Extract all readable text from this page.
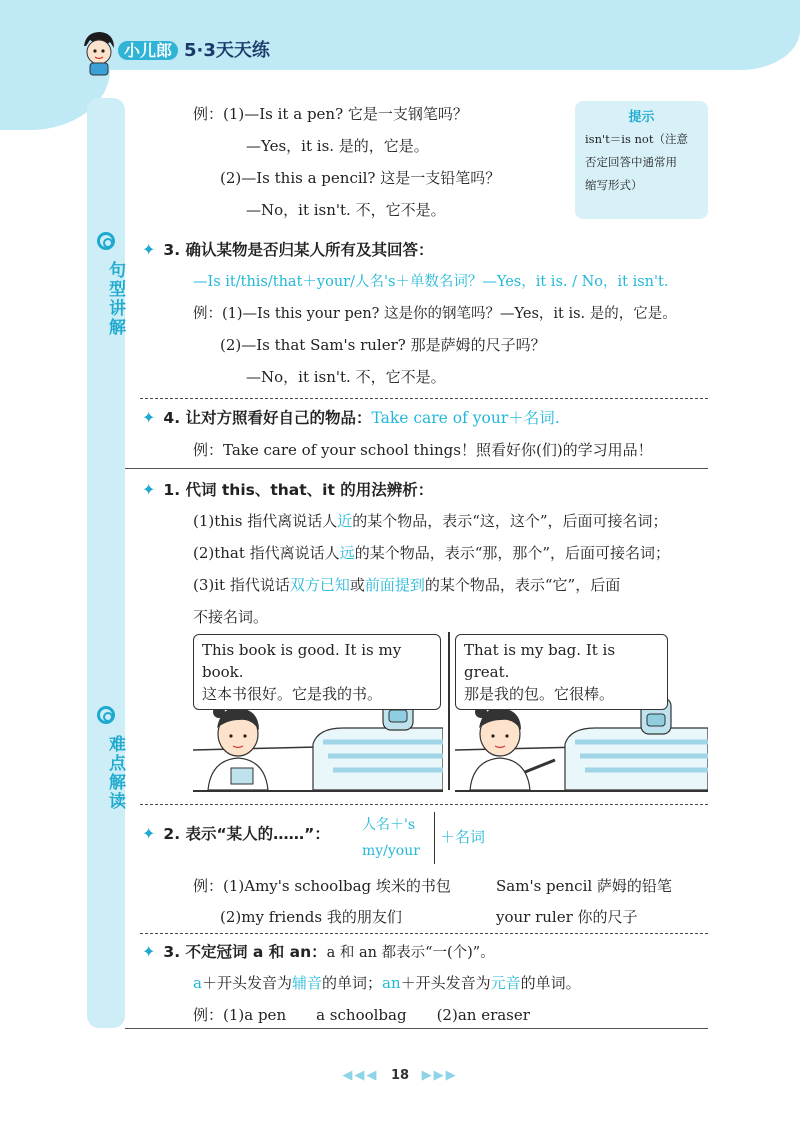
小儿郎 5·3天天练
句型讲解
难点解读
提示
isn't＝is not（注意
否定回答中通常用
缩写形式）
例：(1)—Is it a pen? 它是一支钢笔吗？
—Yes，it is. 是的，它是。
(2)—Is this a pencil? 这是一支铅笔吗？
—No，it isn't. 不，它不是。
✦ 3. 确认某物是否归某人所有及其回答：
—Is it/this/that＋your/人名's＋单数名词？—Yes，it is. / No，it isn't.
例：(1)—Is this your pen? 这是你的钢笔吗？—Yes，it is. 是的，它是。
(2)—Is that Sam's ruler? 那是萨姆的尺子吗？
—No，it isn't. 不，它不是。
✦ 4. 让对方照看好自己的物品：Take care of your＋名词.
例：Take care of your school things！照看好你(们)的学习用品！
✦ 1. 代词 this、that、it 的用法辨析：
(1)this 指代离说话人近的某个物品，表示“这，这个”，后面可接名词；
(2)that 指代离说话人远的某个物品，表示“那，那个”，后面可接名词；
(3)it 指代说话双方已知或前面提到的某个物品，表示“它”，后面
不接名词。
This book is good. It is my book.
这本书很好。它是我的书。
That is my bag. It is great.
那是我的包。它很棒。
✦ 2. 表示“某人的……”： 人名＋'s
my/your
＋名词
例：(1)Amy's schoolbag 埃米的书包	Sam's pencil 萨姆的铅笔
(2)my friends 我的朋友们	your ruler 你的尺子
✦ 3. 不定冠词 a 和 an：a 和 an 都表示“一(个)”。
a＋开头发音为辅音的单词；an＋开头发音为元音的单词。
例：(1)a pen　　a schoolbag　　(2)an eraser
◀◀◀ 18 ▶▶▶
